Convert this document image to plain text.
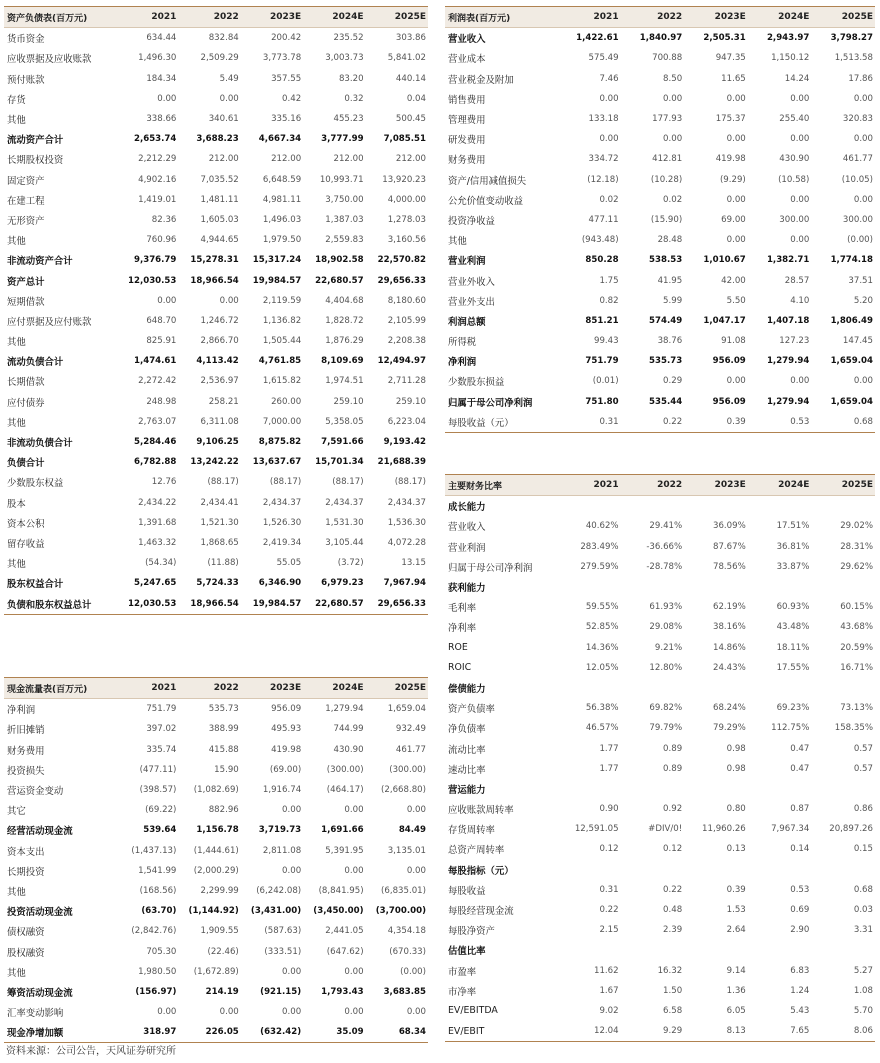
资产负债表(百万元)	2021	2022	2023E	2024E	2025E
货币资金	634.44	832.84	200.42	235.52	303.86
应收票据及应收账款	1,496.30	2,509.29	3,773.78	3,003.73	5,841.02
预付账款	184.34	5.49	357.55	83.20	440.14
存货	0.00	0.00	0.42	0.32	0.04
其他	338.66	340.61	335.16	455.23	500.45
流动资产合计	2,653.74	3,688.23	4,667.34	3,777.99	7,085.51
长期股权投资	2,212.29	212.00	212.00	212.00	212.00
固定资产	4,902.16	7,035.52	6,648.59	10,993.71	13,920.23
在建工程	1,419.01	1,481.11	4,981.11	3,750.00	4,000.00
无形资产	82.36	1,605.03	1,496.03	1,387.03	1,278.03
其他	760.96	4,944.65	1,979.50	2,559.83	3,160.56
非流动资产合计	9,376.79	15,278.31	15,317.24	18,902.58	22,570.82
资产总计	12,030.53	18,966.54	19,984.57	22,680.57	29,656.33
短期借款	0.00	0.00	2,119.59	4,404.68	8,180.60
应付票据及应付账款	648.70	1,246.72	1,136.82	1,828.72	2,105.99
其他	825.91	2,866.70	1,505.44	1,876.29	2,208.38
流动负债合计	1,474.61	4,113.42	4,761.85	8,109.69	12,494.97
长期借款	2,272.42	2,536.97	1,615.82	1,974.51	2,711.28
应付债券	248.98	258.21	260.00	259.10	259.10
其他	2,763.07	6,311.08	7,000.00	5,358.05	6,223.04
非流动负债合计	5,284.46	9,106.25	8,875.82	7,591.66	9,193.42
负债合计	6,782.88	13,242.22	13,637.67	15,701.34	21,688.39
少数股东权益	12.76	(88.17)	(88.17)	(88.17)	(88.17)
股本	2,434.22	2,434.41	2,434.37	2,434.37	2,434.37
资本公积	1,391.68	1,521.30	1,526.30	1,531.30	1,536.30
留存收益	1,463.32	1,868.65	2,419.34	3,105.44	4,072.28
其他	(54.34)	(11.88)	55.05	(3.72)	13.15
股东权益合计	5,247.65	5,724.33	6,346.90	6,979.23	7,967.94
负债和股东权益总计	12,030.53	18,966.54	19,984.57	22,680.57	29,656.33
利润表(百万元)	2021	2022	2023E	2024E	2025E
营业收入	1,422.61	1,840.97	2,505.31	2,943.97	3,798.27
营业成本	575.49	700.88	947.35	1,150.12	1,513.58
营业税金及附加	7.46	8.50	11.65	14.24	17.86
销售费用	0.00	0.00	0.00	0.00	0.00
管理费用	133.18	177.93	175.37	255.40	320.83
研发费用	0.00	0.00	0.00	0.00	0.00
财务费用	334.72	412.81	419.98	430.90	461.77
资产/信用减值损失	(12.18)	(10.28)	(9.29)	(10.58)	(10.05)
公允价值变动收益	0.02	0.02	0.00	0.00	0.00
投资净收益	477.11	(15.90)	69.00	300.00	300.00
其他	(943.48)	28.48	0.00	0.00	(0.00)
营业利润	850.28	538.53	1,010.67	1,382.71	1,774.18
营业外收入	1.75	41.95	42.00	28.57	37.51
营业外支出	0.82	5.99	5.50	4.10	5.20
利润总额	851.21	574.49	1,047.17	1,407.18	1,806.49
所得税	99.43	38.76	91.08	127.23	147.45
净利润	751.79	535.73	956.09	1,279.94	1,659.04
少数股东损益	(0.01)	0.29	0.00	0.00	0.00
归属于母公司净利润	751.80	535.44	956.09	1,279.94	1,659.04
每股收益（元）	0.31	0.22	0.39	0.53	0.68
主要财务比率	2021	2022	2023E	2024E	2025E
成长能力					
营业收入	40.62%	29.41%	36.09%	17.51%	29.02%
营业利润	283.49%	-36.66%	87.67%	36.81%	28.31%
归属于母公司净利润	279.59%	-28.78%	78.56%	33.87%	29.62%
获利能力					
毛利率	59.55%	61.93%	62.19%	60.93%	60.15%
净利率	52.85%	29.08%	38.16%	43.48%	43.68%
ROE	14.36%	9.21%	14.86%	18.11%	20.59%
ROIC	12.05%	12.80%	24.43%	17.55%	16.71%
偿债能力					
资产负债率	56.38%	69.82%	68.24%	69.23%	73.13%
净负债率	46.57%	79.79%	79.29%	112.75%	158.35%
流动比率	1.77	0.89	0.98	0.47	0.57
速动比率	1.77	0.89	0.98	0.47	0.57
营运能力					
应收账款周转率	0.90	0.92	0.80	0.87	0.86
存货周转率	12,591.05	#DIV/0!	11,960.26	7,967.34	20,897.26
总资产周转率	0.12	0.12	0.13	0.14	0.15
每股指标（元）					
每股收益	0.31	0.22	0.39	0.53	0.68
每股经营现金流	0.22	0.48	1.53	0.69	0.03
每股净资产	2.15	2.39	2.64	2.90	3.31
估值比率					
市盈率	11.62	16.32	9.14	6.83	5.27
市净率	1.67	1.50	1.36	1.24	1.08
EV/EBITDA	9.02	6.58	6.05	5.43	5.70
EV/EBIT	12.04	9.29	8.13	7.65	8.06
现金流量表(百万元)	2021	2022	2023E	2024E	2025E
净利润	751.79	535.73	956.09	1,279.94	1,659.04
折旧摊销	397.02	388.99	495.93	744.99	932.49
财务费用	335.74	415.88	419.98	430.90	461.77
投资损失	(477.11)	15.90	(69.00)	(300.00)	(300.00)
营运资金变动	(398.57)	(1,082.69)	1,916.74	(464.17)	(2,668.80)
其它	(69.22)	882.96	0.00	0.00	0.00
经营活动现金流	539.64	1,156.78	3,719.73	1,691.66	84.49
资本支出	(1,437.13)	(1,444.61)	2,811.08	5,391.95	3,135.01
长期投资	1,541.99	(2,000.29)	0.00	0.00	0.00
其他	(168.56)	2,299.99	(6,242.08)	(8,841.95)	(6,835.01)
投资活动现金流	(63.70)	(1,144.92)	(3,431.00)	(3,450.00)	(3,700.00)
债权融资	(2,842.76)	1,909.55	(587.63)	2,441.05	4,354.18
股权融资	705.30	(22.46)	(333.51)	(647.62)	(670.33)
其他	1,980.50	(1,672.89)	0.00	0.00	(0.00)
筹资活动现金流	(156.97)	214.19	(921.15)	1,793.43	3,683.85
汇率变动影响	0.00	0.00	0.00	0.00	0.00
现金净增加额	318.97	226.05	(632.42)	35.09	68.34
资料来源：公司公告，天风证券研究所
